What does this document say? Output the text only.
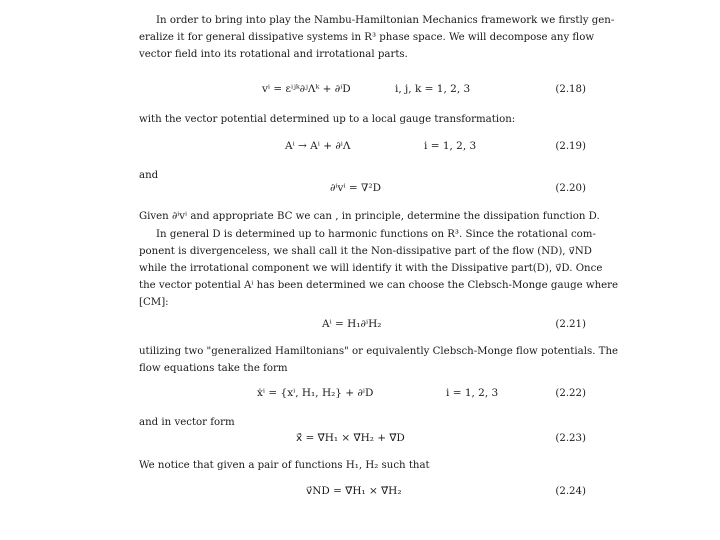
In order to bring into play the Nambu-Hamiltonian Mechanics framework we firstly gen-
eralize it for general dissipative systems in R³ phase space. We will decompose any flow
vector field into its rotational and irrotational parts.
vⁱ = εⁱʲᵏ∂ʲΛᵏ + ∂ⁱD	i, j, k = 1, 2, 3	(2.18)
with the vector potential determined up to a local gauge transformation:
Aⁱ → Aⁱ + ∂ⁱΛ	i = 1, 2, 3	(2.19)
and
∂ⁱvⁱ = ∇²D	(2.20)
Given ∂ⁱvⁱ and appropriate BC we can , in principle, determine the dissipation function D.
In general D is determined up to harmonic functions on R³. Since the rotational com-
ponent is divergenceless, we shall call it the Non-dissipative part of the flow (ND), v⃗ND
while the irrotational component we will identify it with the Dissipative part(D), v⃗D. Once
the vector potential Aⁱ has been determined we can choose the Clebsch-Monge gauge where
[CM]:
Aⁱ = H₁∂ⁱH₂	(2.21)
utilizing two "generalized Hamiltonians" or equivalently Clebsch-Monge flow potentials. The
flow equations take the form
ẋⁱ = {xⁱ, H₁, H₂} + ∂ⁱD	i = 1, 2, 3	(2.22)
and in vector form
x⃗̇ = ∇⃗H₁ × ∇⃗H₂ + ∇⃗D	(2.23)
We notice that given a pair of functions H₁, H₂ such that
v⃗ND = ∇⃗H₁ × ∇⃗H₂	(2.24)
